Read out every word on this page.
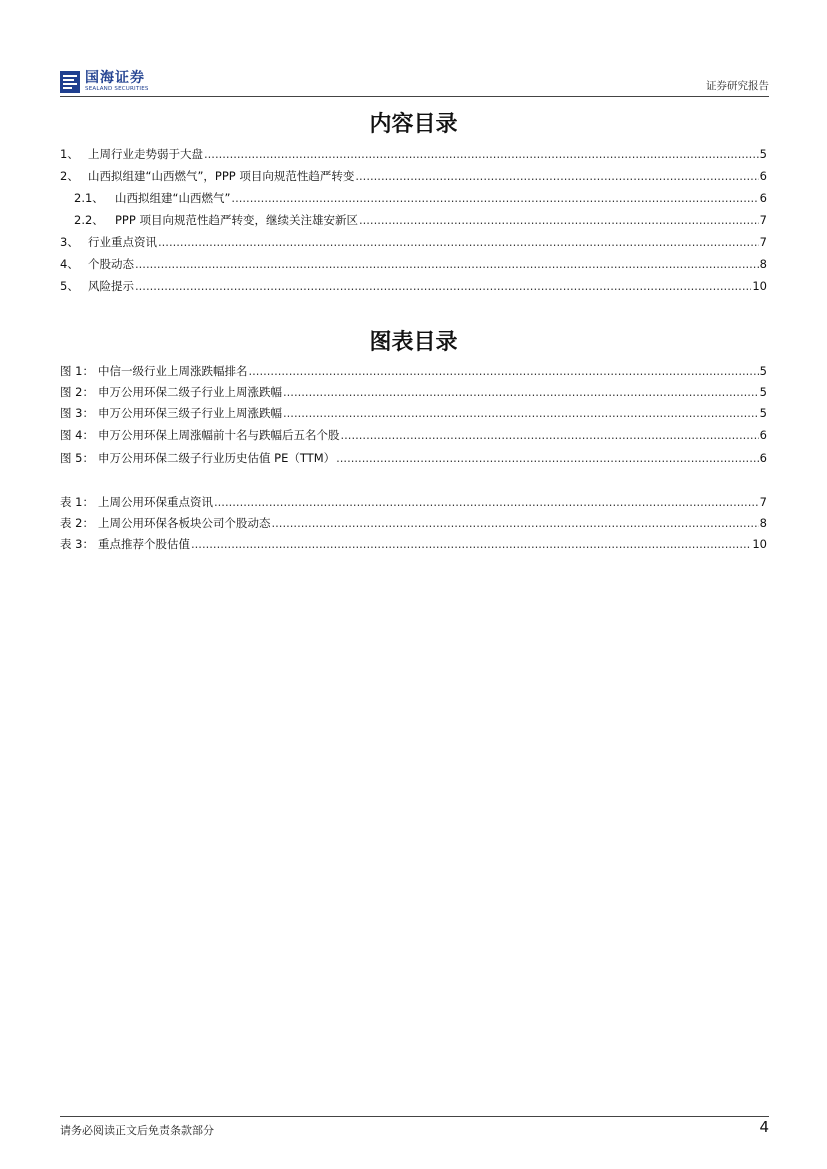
国海证券
SEALAND SECURITIES	证券研究报告
内容目录
1、 上周行业走势弱于大盘 .....	5
2、 山西拟组建“山西燃气”，PPP 项目向规范性趋严转变 .....	6
2.1、 山西拟组建“山西燃气” .....	6
2.2、 PPP 项目向规范性趋严转变，继续关注雄安新区 .....	7
3、 行业重点资讯 .....	7
4、 个股动态 .....	8
5、 风险提示 .....	10
图表目录
图 1： 中信一级行业上周涨跌幅排名 .....	5
图 2： 申万公用环保二级子行业上周涨跌幅 .....	5
图 3： 申万公用环保三级子行业上周涨跌幅 .....	5
图 4： 申万公用环保上周涨幅前十名与跌幅后五名个股 .....	6
图 5： 申万公用环保二级子行业历史估值 PE（TTM） .....	6
表 1： 上周公用环保重点资讯 .....	7
表 2： 上周公用环保各板块公司个股动态 .....	8
表 3： 重点推荐个股估值 .....	10
请务必阅读正文后免责条款部分	4
